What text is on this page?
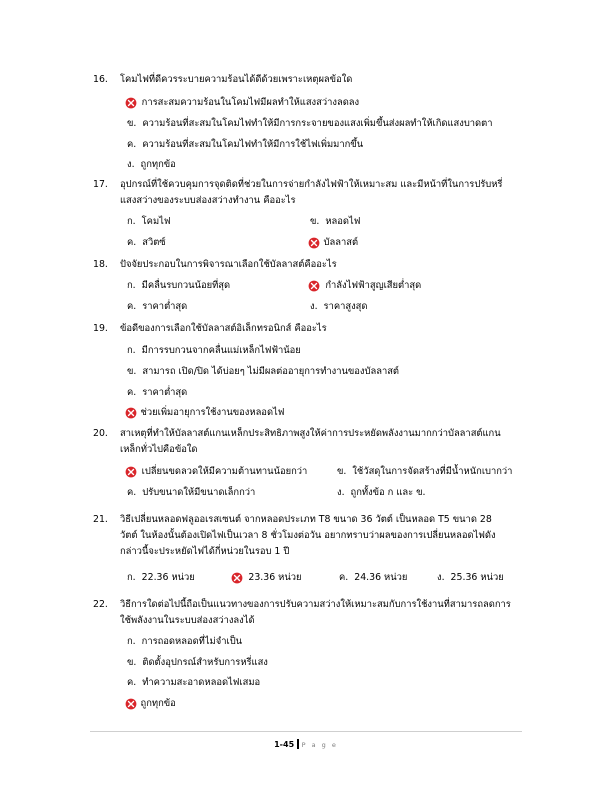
1-45 P a g e
16. โคมไฟที่ดีควรระบายความร้อนได้ดีด้วยเพราะเหตุผลข้อใด
การสะสมความร้อนในโคมไฟมีผลทำให้แสงสว่างลดลง
ข. ความร้อนที่สะสมในโคมไฟทำให้มีการกระจายของแสงเพิ่มขึ้นส่งผลทำให้เกิดแสงบาดตา
ค. ความร้อนที่สะสมในโคมไฟทำให้มีการใช้ไฟเพิ่มมากขึ้น
ง. ถูกทุกข้อ
17. อุปกรณ์ที่ใช้ควบคุมการจุดติดที่ช่วยในการจ่ายกำลังไฟฟ้าให้เหมาะสม และมีหน้าที่ในการปรับหรี่แสงสว่างของระบบส่องสว่างทำงาน คืออะไร
ก. โคมไฟ	ข. หลอดไฟ
ค. สวิตซ์	บัลลาสต์
18. ปัจจัยประกอบในการพิจารณาเลือกใช้บัลลาสต์คืออะไร
ก. มีคลื่นรบกวนน้อยที่สุด	กำลังไฟฟ้าสูญเสียต่ำสุด
ค. ราคาต่ำสุด	ง. ราคาสูงสุด
19. ข้อดีของการเลือกใช้บัลลาสต์อิเล็กทรอนิกส์ คืออะไร
ก. มีการรบกวนจากคลื่นแม่เหล็กไฟฟ้าน้อย
ข. สามารถ เปิด/ปิด ได้บ่อยๆ ไม่มีผลต่ออายุการทำงานของบัลลาสต์
ค. ราคาต่ำสุด
ช่วยเพิ่มอายุการใช้งานของหลอดไฟ
20. สาเหตุที่ทำให้บัลลาสต์แกนเหล็กประสิทธิภาพสูงให้ค่าการประหยัดพลังงานมากกว่าบัลลาสต์แกนเหล็กทั่วไปคือข้อใด
เปลี่ยนขดลวดให้มีความต้านทานน้อยกว่า	ข. ใช้วัสดุในการจัดสร้างที่มีน้ำหนักเบากว่า
ค. ปรับขนาดให้มีขนาดเล็กกว่า	ง. ถูกทั้งข้อ ก และ ข.
21. วิธีเปลี่ยนหลอดฟลูออเรสเซนต์ จากหลอดประเภท T8 ขนาด 36 วัตต์ เป็นหลอด T5 ขนาด 28 วัตต์ ในห้องนั้นต้องเปิดไฟเป็นเวลา 8 ชั่วโมงต่อวัน อยากทราบว่าผลของการเปลี่ยนหลอดไฟดังกล่าวนี้จะประหยัดไฟได้กี่หน่วยในรอบ 1 ปี
ก. 22.36 หน่วย	23.36 หน่วย	ค. 24.36 หน่วย	ง. 25.36 หน่วย
22. วิธีการใดต่อไปนี้ถือเป็นแนวทางของการปรับความสว่างให้เหมาะสมกับการใช้งานที่สามารถลดการใช้พลังงานในระบบส่องสว่างลงได้
ก. การถอดหลอดที่ไม่จำเป็น
ข. ติดตั้งอุปกรณ์สำหรับการหรี่แสง
ค. ทำความสะอาดหลอดไฟเสมอ
ถูกทุกข้อ
